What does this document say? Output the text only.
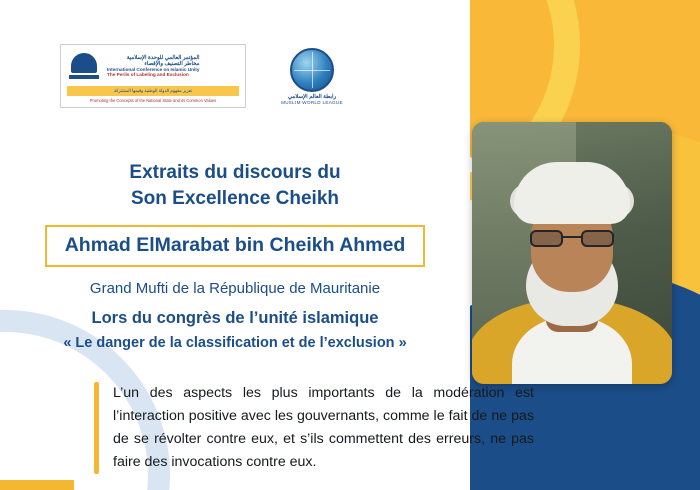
المؤتمر العالمي للوحدة الإسلامية
مخاطر التصنيف والإقصاء
International Conference on Islamic Unity
The Perils of Labeling and Exclusion
تعزيز مفهوم الدولة الوطنية وقيمها المشتركة
Promoting the Concepts of the National State and its Common Values
رابطة العالم الإسلامي
MUSLIM WORLD LEAGUE
Extraits du discours du
Son Excellence Cheikh
Ahmad ElMarabat bin Cheikh Ahmed
Grand Mufti de la République de Mauritanie
Lors du congrès de l’unité islamique
« Le danger de la classification et de l’exclusion »
L’un des aspects les plus importants de la modération est l’interaction positive avec les gouvernants, comme le fait de ne pas de se révolter contre eux, et s’ils commettent des erreurs, ne pas faire des invocations contre eux.
